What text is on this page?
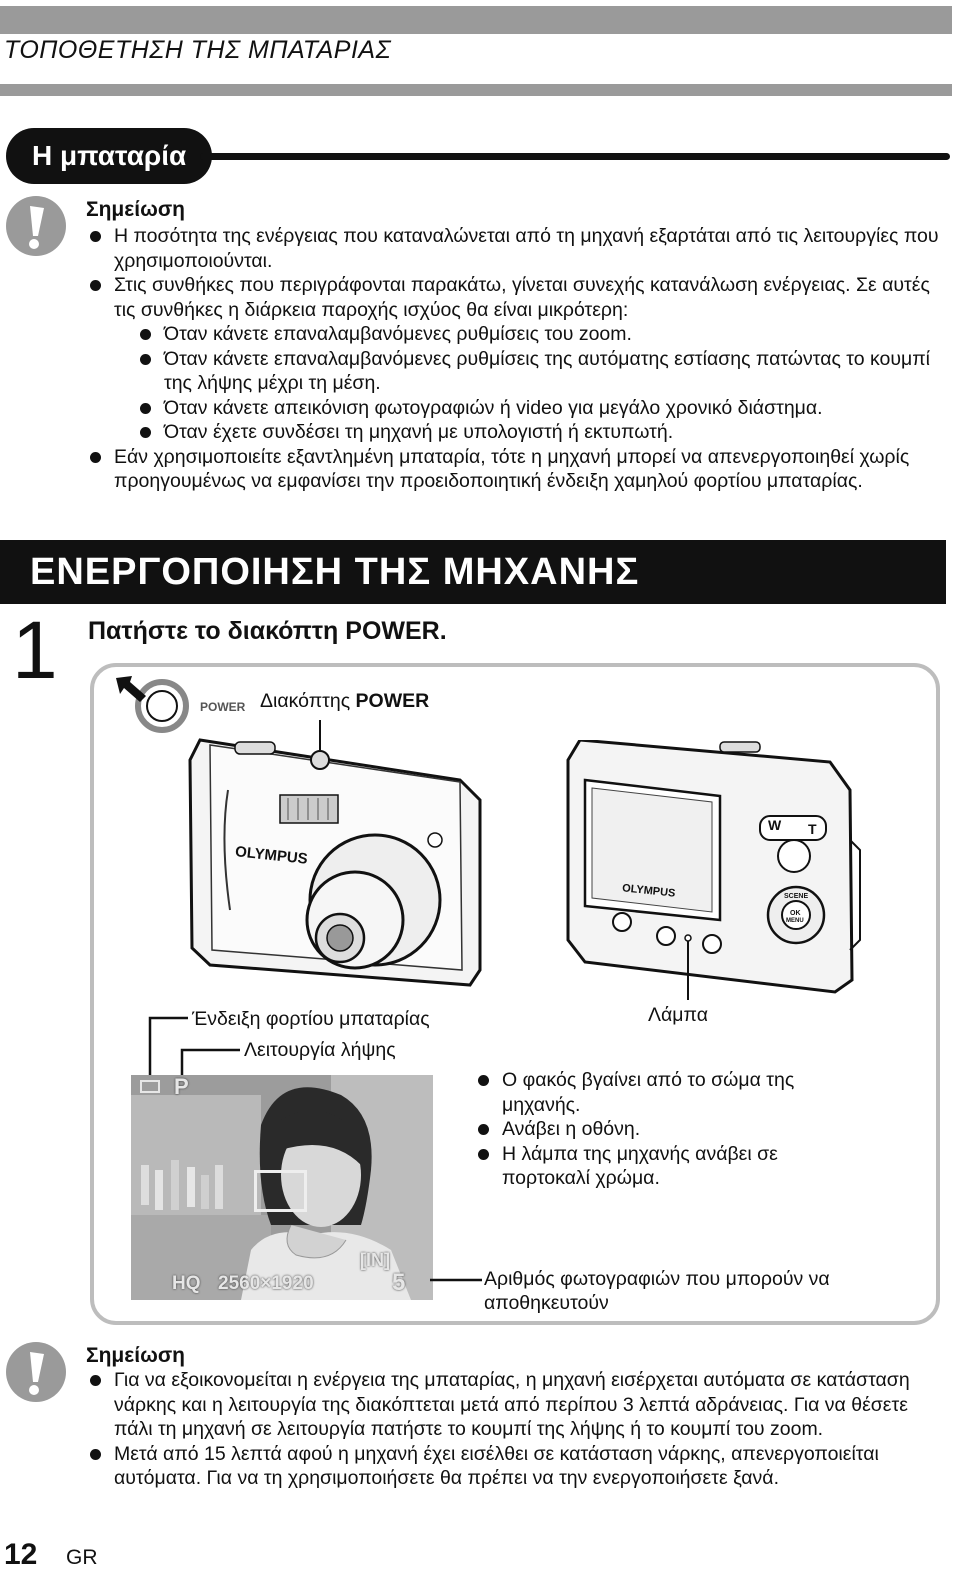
ΤΟΠΟΘΕΤΗΣΗ ΤΗΣ ΜΠΑΤΑΡΙΑΣ
Η μπαταρία
Σημείωση
Η ποσότητα της ενέργειας που καταναλώνεται από τη μηχανή εξαρτάται από τις λειτουργίες που χρησιμοποιούνται.
Στις συνθήκες που περιγράφονται παρακάτω, γίνεται συνεχής κατανάλωση ενέργειας. Σε αυτές τις συνθήκες η διάρκεια παροχής ισχύος θα είναι μικρότερη:
Όταν κάνετε επαναλαμβανόμενες ρυθμίσεις του zoom.
Όταν κάνετε επαναλαμβανόμενες ρυθμίσεις της αυτόματης εστίασης πατώντας το κουμπί της λήψης μέχρι τη μέση.
Όταν κάνετε απεικόνιση φωτογραφιών ή video για μεγάλο χρονικό διάστημα.
Όταν έχετε συνδέσει τη μηχανή με υπολογιστή ή εκτυπωτή.
Εάν χρησιμοποιείτε εξαντλημένη μπαταρία, τότε η μηχανή μπορεί να απενεργοποιηθεί χωρίς προηγουμένως να εμφανίσει την προειδοποιητική ένδειξη χαμηλού φορτίου μπαταρίας.
ΕΝΕΡΓΟΠΟΙΗΣΗ ΤΗΣ ΜΗΧΑΝΗΣ
1 Πατήστε το διακόπτη POWER.
POWER Διακόπτης POWER
OLYMPUS
OLYMPUS
W T
SCENE
OK
MENU
Ένδειξη φορτίου μπαταρίας
Λειτουργία λήψης
Λάμπα
P
[IN]
HQ 2560×1920	5
Ο φακός βγαίνει από το σώμα της μηχανής.
Ανάβει η οθόνη.
Η λάμπα της μηχανής ανάβει σε πορτοκαλί χρώμα.
Αριθμός φωτογραφιών που μπορούν να αποθηκευτούν
Σημείωση
Για να εξοικονομείται η ενέργεια της μπαταρίας, η μηχανή εισέρχεται αυτόματα σε κατάσταση νάρκης και η λειτουργία της διακόπτεται μετά από περίπου 3 λεπτά αδράνειας. Για να θέσετε πάλι τη μηχανή σε λειτουργία πατήστε το κουμπί της λήψης ή το κουμπί του zoom.
Μετά από 15 λεπτά αφού η μηχανή έχει εισέλθει σε κατάσταση νάρκης, απενεργοποιείται αυτόματα. Για να τη χρησιμοποιήσετε θα πρέπει να την ενεργοποιήσετε ξανά.
12 GR
